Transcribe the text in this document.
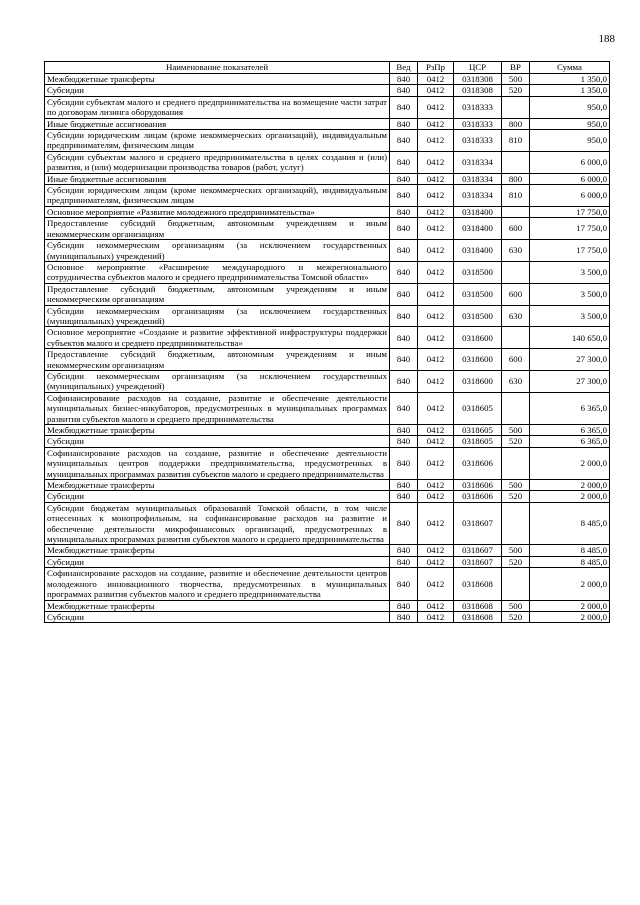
188
Наименование показателей	Вед	РзПр	ЦСР	ВР	Сумма
Межбюджетные трансферты	840	0412	0318308	500	1 350,0
Субсидии	840	0412	0318308	520	1 350,0
Субсидии субъектам малого и среднего предпринимательства на возмещение части затрат по договорам лизинга оборудования	840	0412	0318333		950,0
Иные бюджетные ассигнования	840	0412	0318333	800	950,0
Субсидии юридическим лицам (кроме некоммерческих организаций), индивидуальным предпринимателям, физическим лицам	840	0412	0318333	810	950,0
Субсидии субъектам малого и среднего предпринимательства в целях создания и (или) развития, и (или) модернизации производства товаров (работ, услуг)	840	0412	0318334		6 000,0
Иные бюджетные ассигнования	840	0412	0318334	800	6 000,0
Субсидии юридическим лицам (кроме некоммерческих организаций), индивидуальным предпринимателям, физическим лицам	840	0412	0318334	810	6 000,0
Основное мероприятие «Развитие молодежного предпринимательства»	840	0412	0318400		17 750,0
Предоставление субсидий бюджетным, автономным учреждениям и иным некоммерческим организациям	840	0412	0318400	600	17 750,0
Субсидии некоммерческим организациям (за исключением государственных (муниципальных) учреждений)	840	0412	0318400	630	17 750,0
Основное мероприятие «Расширение международного и межрегионального сотрудничества субъектов малого и среднего предпринимательства Томской области»	840	0412	0318500		3 500,0
Предоставление субсидий бюджетным, автономным учреждениям и иным некоммерческим организациям	840	0412	0318500	600	3 500,0
Субсидии некоммерческим организациям (за исключением государственных (муниципальных) учреждений)	840	0412	0318500	630	3 500,0
Основное мероприятие «Создание и развитие эффективной инфраструктуры поддержки субъектов малого и среднего предпринимательства»	840	0412	0318600		140 650,0
Предоставление субсидий бюджетным, автономным учреждениям и иным некоммерческим организациям	840	0412	0318600	600	27 300,0
Субсидии некоммерческим организациям (за исключением государственных (муниципальных) учреждений)	840	0412	0318600	630	27 300,0
Софинансирование расходов на создание, развитие и обеспечение деятельности муниципальных бизнес-инкубаторов, предусмотренных в муниципальных программах развития субъектов малого и среднего предпринимательства	840	0412	0318605		6 365,0
Межбюджетные трансферты	840	0412	0318605	500	6 365,0
Субсидии	840	0412	0318605	520	6 365,0
Софинансирование расходов на создание, развитие и обеспечение деятельности муниципальных центров поддержки предпринимательства, предусмотренных в муниципальных программах развития субъектов малого и среднего предпринимательства	840	0412	0318606		2 000,0
Межбюджетные трансферты	840	0412	0318606	500	2 000,0
Субсидии	840	0412	0318606	520	2 000,0
Субсидии бюджетам муниципальных образований Томской области, в том числе отнесенных к монопрофильным, на софинансирование расходов на развитие и обеспечение деятельности микрофинансовых организаций, предусмотренных в муниципальных программах развития субъектов малого и среднего предпринимательства	840	0412	0318607		8 485,0
Межбюджетные трансферты	840	0412	0318607	500	8 485,0
Субсидии	840	0412	0318607	520	8 485,0
Софинансирование расходов на создание, развитие и обеспечение деятельности центров молодежного инновационного творчества, предусмотренных в муниципальных программах развития субъектов малого и среднего предпринимательства	840	0412	0318608		2 000,0
Межбюджетные трансферты	840	0412	0318608	500	2 000,0
Субсидии	840	0412	0318608	520	2 000,0
